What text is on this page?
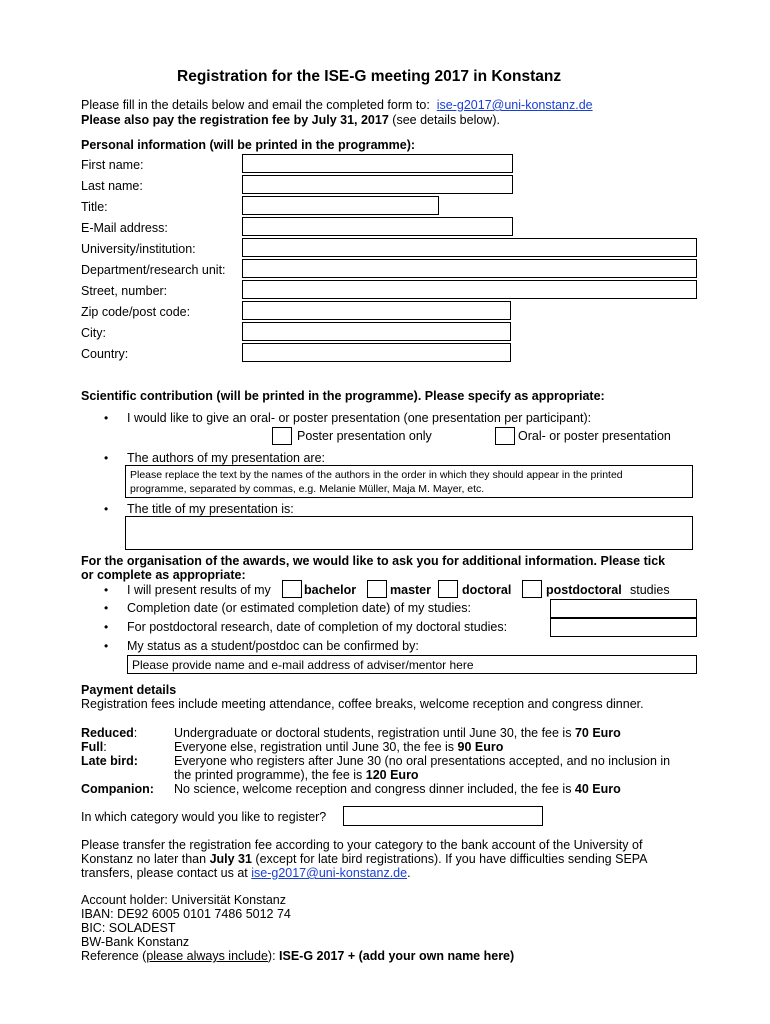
Registration for the ISE-G meeting 2017 in Konstanz
Please fill in the details below and email the completed form to: ise-g2017@uni-konstanz.de
Please also pay the registration fee by July 31, 2017 (see details below).
Personal information (will be printed in the programme):
First name:
Last name:
Title:
E-Mail address:
University/institution:
Department/research unit:
Street, number:
Zip code/post code:
City:
Country:
Scientific contribution (will be printed in the programme). Please specify as appropriate:
• I would like to give an oral- or poster presentation (one presentation per participant):
Poster presentation only	Oral- or poster presentation
• The authors of my presentation are:
Please replace the text by the names of the authors in the order in which they should appear in the printed
programme, separated by commas, e.g. Melanie Müller, Maja M. Mayer, etc.
• The title of my presentation is:
For the organisation of the awards, we would like to ask you for additional information. Please tick
or complete as appropriate:
• I will present results of my	bachelor	master doctoral	postdoctoral studies
• Completion date (or estimated completion date) of my studies:
• For postdoctoral research, date of completion of my doctoral studies:
• My status as a student/postdoc can be confirmed by:
Please provide name and e-mail address of adviser/mentor here
Payment details
Registration fees include meeting attendance, coffee breaks, welcome reception and congress dinner.
Reduced:	Undergraduate or doctoral students, registration until June 30, the fee is 70 Euro
Full:	Everyone else, registration until June 30, the fee is 90 Euro
Late bird:	Everyone who registers after June 30 (no oral presentations accepted, and no inclusion in
the printed programme), the fee is 120 Euro
Companion: No science, welcome reception and congress dinner included, the fee is 40 Euro
In which category would you like to register?
Please transfer the registration fee according to your category to the bank account of the University of
Konstanz no later than July 31 (except for late bird registrations). If you have difficulties sending SEPA
transfers, please contact us at ise-g2017@uni-konstanz.de.
Account holder: Universität Konstanz
IBAN: DE92 6005 0101 7486 5012 74
BIC: SOLADEST
BW-Bank Konstanz
Reference (please always include): ISE-G 2017 + (add your own name here)
